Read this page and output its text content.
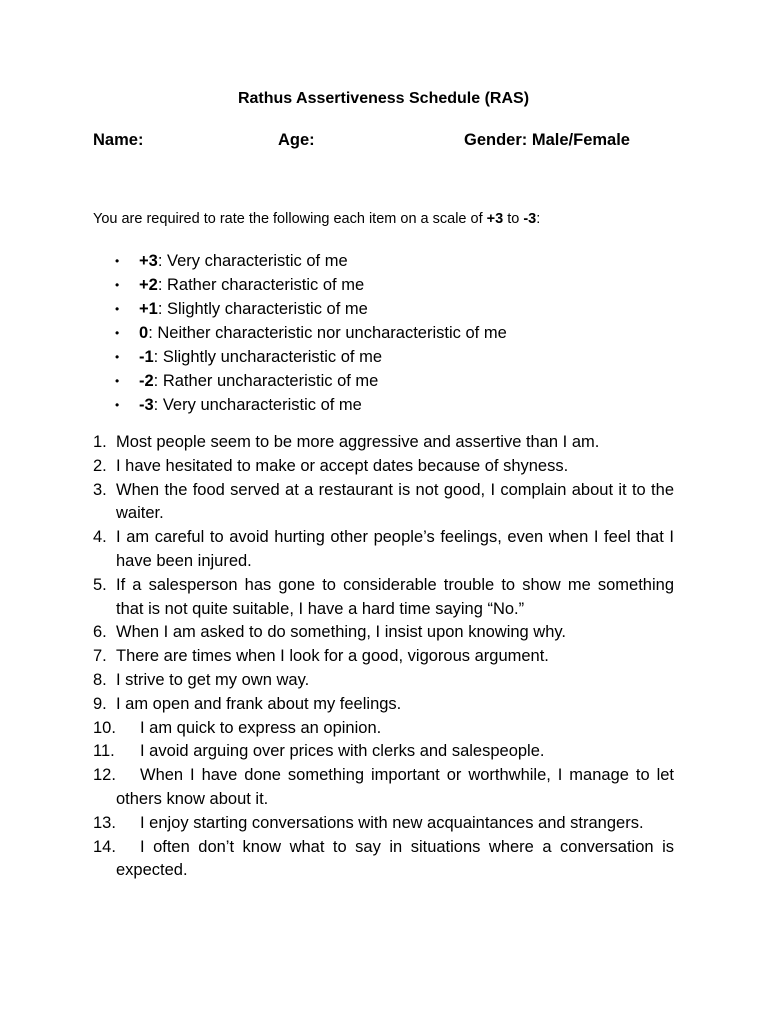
Rathus Assertiveness Schedule (RAS)
Name:	Age:	Gender: Male/Female
You are required to rate the following each item on a scale of +3 to -3:
• +3: Very characteristic of me
• +2: Rather characteristic of me
• +1: Slightly characteristic of me
• 0: Neither characteristic nor uncharacteristic of me
• -1: Slightly uncharacteristic of me
• -2: Rather uncharacteristic of me
• -3: Very uncharacteristic of me
1. Most people seem to be more aggressive and assertive than I am.
2. I have hesitated to make or accept dates because of shyness.
3. When the food served at a restaurant is not good, I complain about it to the waiter.
4. I am careful to avoid hurting other people’s feelings, even when I feel that I have been injured.
5. If a salesperson has gone to considerable trouble to show me something that is not quite suitable, I have a hard time saying “No.”
6. When I am asked to do something, I insist upon knowing why.
7. There are times when I look for a good, vigorous argument.
8. I strive to get my own way.
9. I am open and frank about my feelings.
10.	I am quick to express an opinion.
11.	I avoid arguing over prices with clerks and salespeople.
12.	When I have done something important or worthwhile, I manage to let others know about it.
13.	I enjoy starting conversations with new acquaintances and strangers.
14.	I often don’t know what to say in situations where a conversation is expected.
